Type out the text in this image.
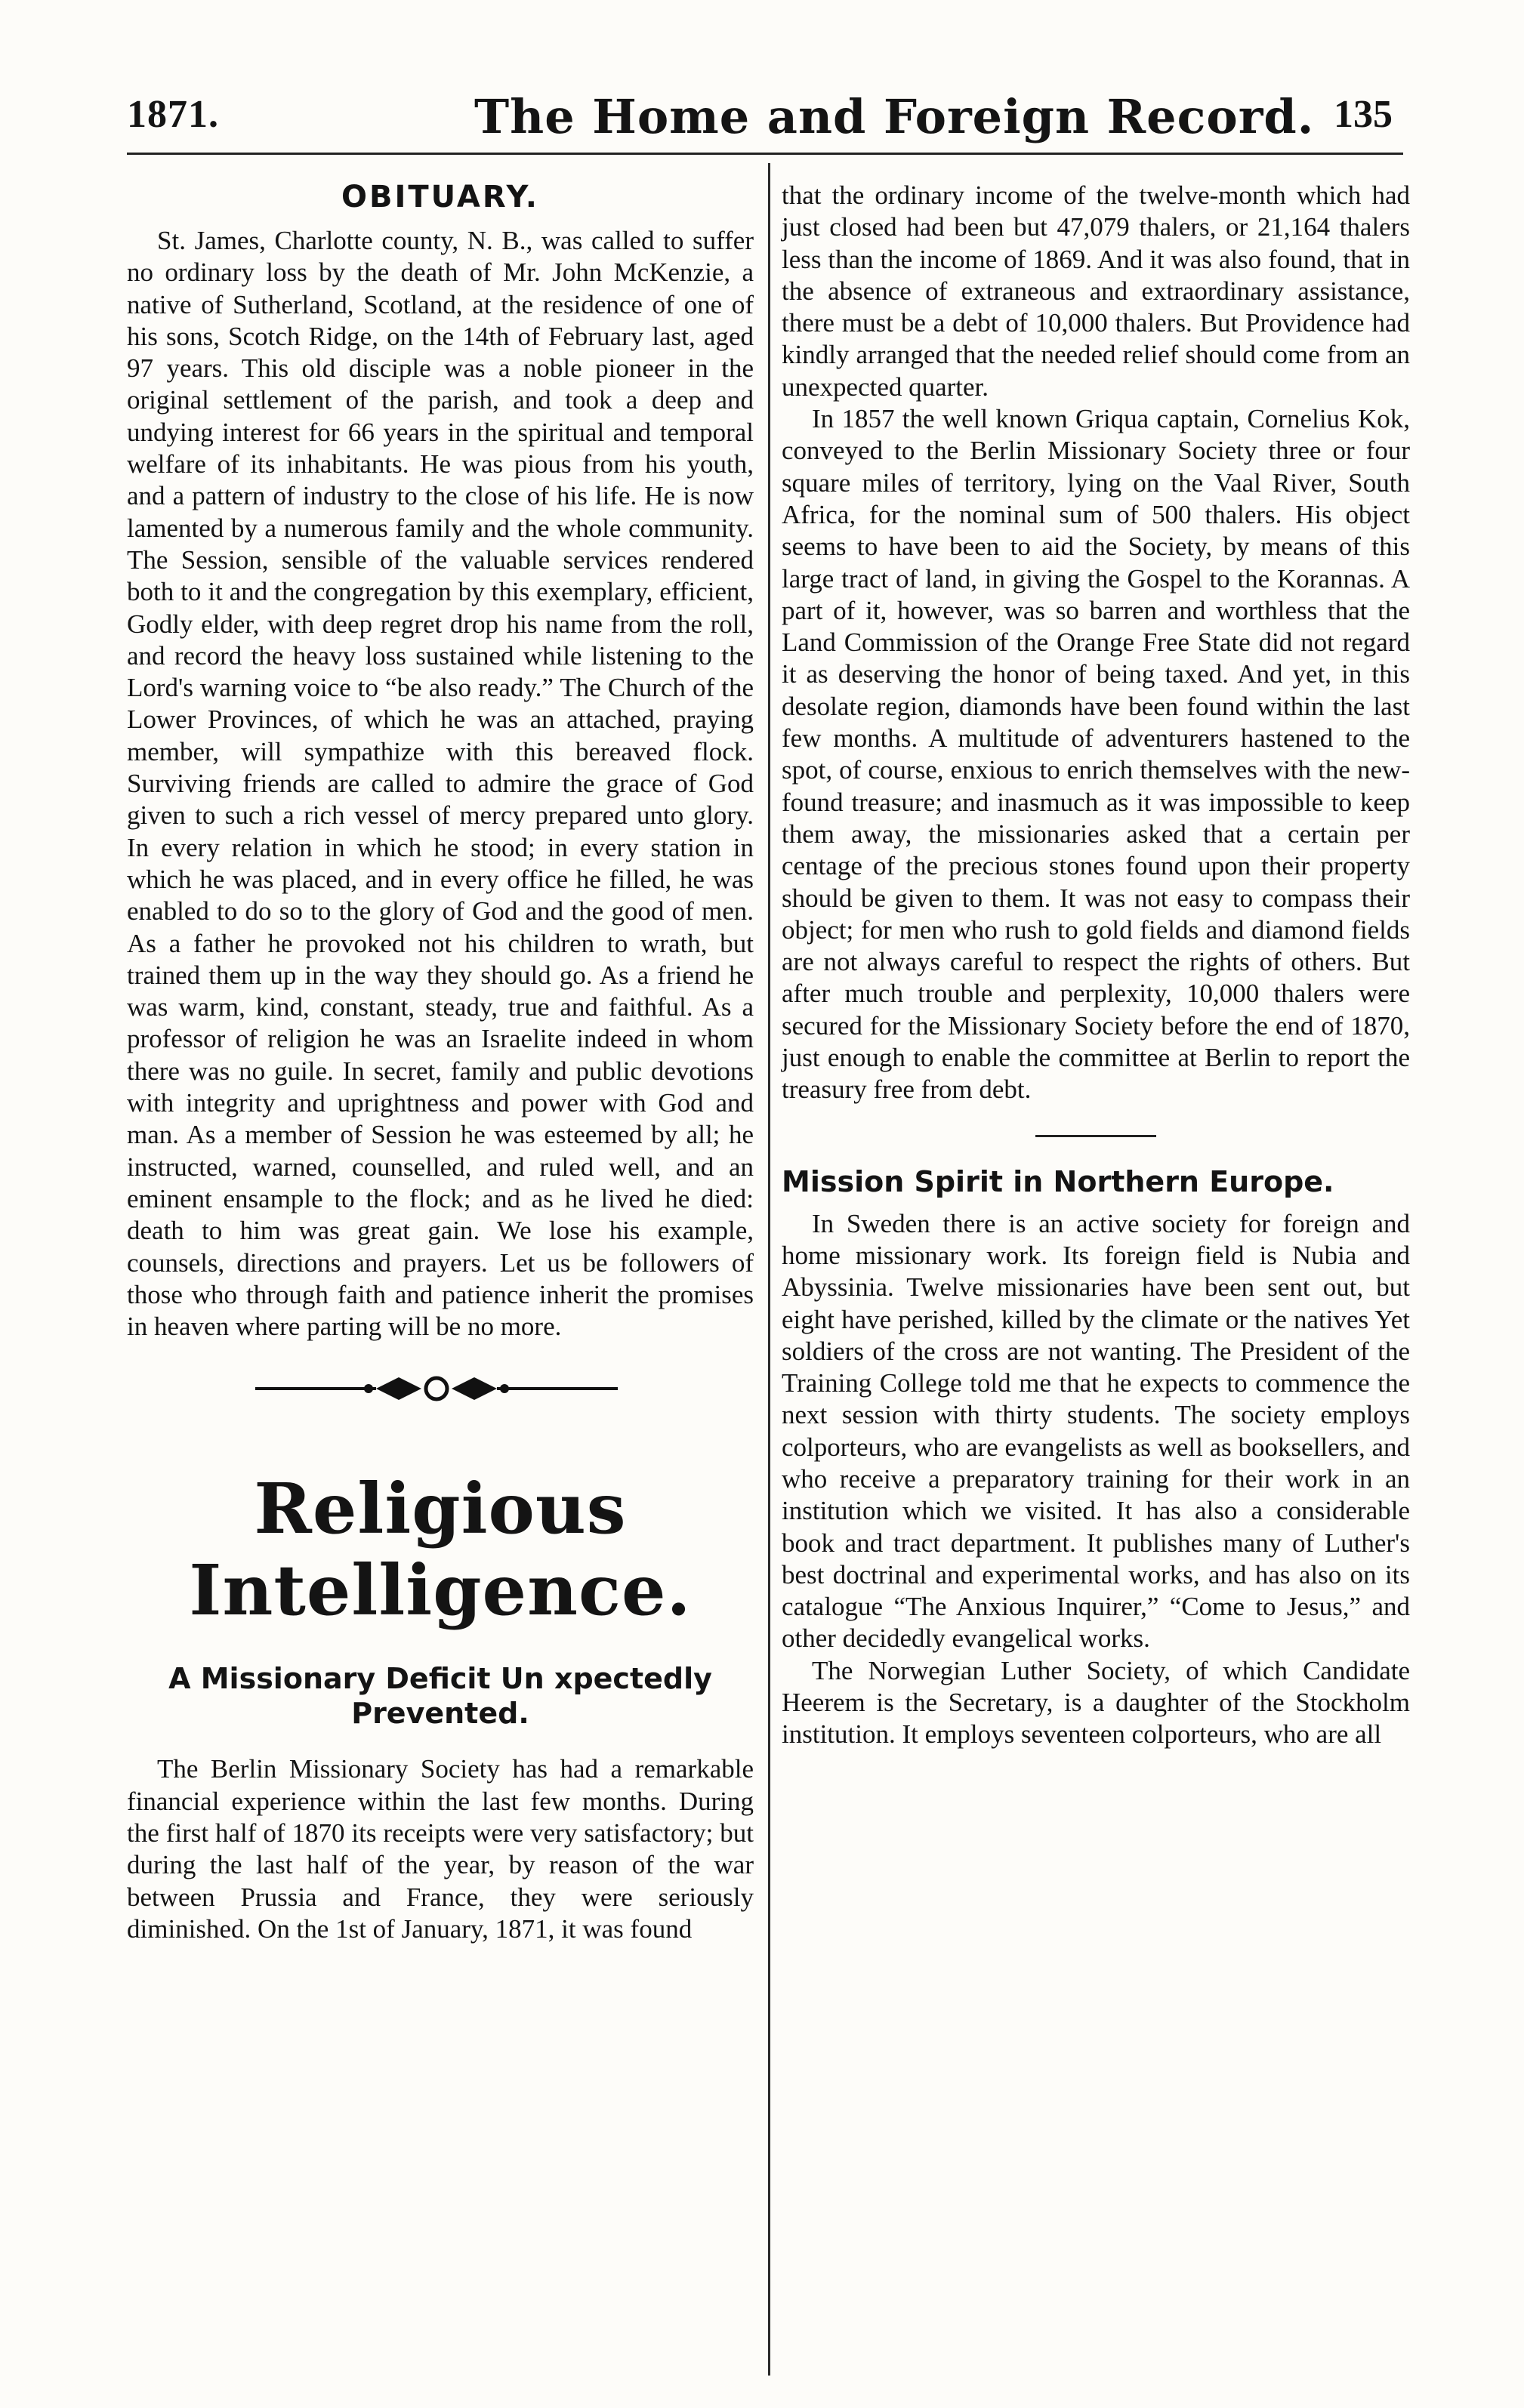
1871.	The Home and Foreign Record. 135
OBITUARY.

St. James, Charlotte county, N. B., was called to suffer no ordinary loss by the death of Mr. John McKenzie, a native of Sutherland, Scotland, at the residence of one of his sons, Scotch Ridge, on the 14th of February last, aged 97 years. This old disciple was a noble pioneer in the original settlement of the parish, and took a deep and undying interest for 66 years in the spiritual and temporal welfare of its inhabitants. He was pious from his youth, and a pattern of industry to the close of his life. He is now lamented by a numerous family and the whole community. The Session, sensible of the valuable services rendered both to it and the congregation by this exemplary, efficient, Godly elder, with deep regret drop his name from the roll, and record the heavy loss sustained while listening to the Lord's warning voice to “be also ready.” The Church of the Lower Provinces, of which he was an attached, praying member, will sympathize with this bereaved flock. Surviving friends are called to admire the grace of God given to such a rich vessel of mercy prepared unto glory. In every relation in which he stood; in every station in which he was placed, and in every office he filled, he was enabled to do so to the glory of God and the good of men. As a father he provoked not his children to wrath, but trained them up in the way they should go. As a friend he was warm, kind, constant, steady, true and faithful. As a professor of religion he was an Israelite indeed in whom there was no guile. In secret, family and public devotions with integrity and uprightness and power with God and man. As a member of Session he was esteemed by all; he instructed, warned, counselled, and ruled well, and an eminent ensample to the flock; and as he lived he died: death to him was great gain. We lose his example, counsels, directions and prayers. Let us be followers of those who through faith and patience inherit the promises in heaven where parting will be no more.

Religious Intelligence.
A Missionary Deficit Un xpectedly Prevented.

The Berlin Missionary Society has had a remarkable financial experience within the last few months. During the first half of 1870 its receipts were very satisfactory; but during the last half of the year, by reason of the war between Prussia and France, they were seriously diminished. On the 1st of January, 1871, it was found

that the ordinary income of the twelve-month which had just closed had been but 47,079 thalers, or 21,164 thalers less than the income of 1869. And it was also found, that in the absence of extraneous and extraordinary assistance, there must be a debt of 10,000 thalers. But Providence had kindly arranged that the needed relief should come from an unexpected quarter.

In 1857 the well known Griqua captain, Cornelius Kok, conveyed to the Berlin Missionary Society three or four square miles of territory, lying on the Vaal River, South Africa, for the nominal sum of 500 thalers. His object seems to have been to aid the Society, by means of this large tract of land, in giving the Gospel to the Korannas. A part of it, however, was so barren and worthless that the Land Commission of the Orange Free State did not regard it as deserving the honor of being taxed. And yet, in this desolate region, diamonds have been found within the last few months. A multitude of adventurers hastened to the spot, of course, enxious to enrich themselves with the new-found treasure; and inasmuch as it was impossible to keep them away, the missionaries asked that a certain per centage of the precious stones found upon their property should be given to them. It was not easy to compass their object; for men who rush to gold fields and diamond fields are not always careful to respect the rights of others. But after much trouble and perplexity, 10,000 thalers were secured for the Missionary Society before the end of 1870, just enough to enable the committee at Berlin to report the treasury free from debt.

Mission Spirit in Northern Europe.

In Sweden there is an active society for foreign and home missionary work. Its foreign field is Nubia and Abyssinia. Twelve missionaries have been sent out, but eight have perished, killed by the climate or the natives Yet soldiers of the cross are not wanting. The President of the Training College told me that he expects to commence the next session with thirty students. The society employs colporteurs, who are evangelists as well as booksellers, and who receive a preparatory training for their work in an institution which we visited. It has also a considerable book and tract department. It publishes many of Luther's best doctrinal and experimental works, and has also on its catalogue “The Anxious Inquirer,” “Come to Jesus,” and other decidedly evangelical works.

The Norwegian Luther Society, of which Candidate Heerem is the Secretary, is a daughter of the Stockholm institution. It employs seventeen colporteurs, who are all
